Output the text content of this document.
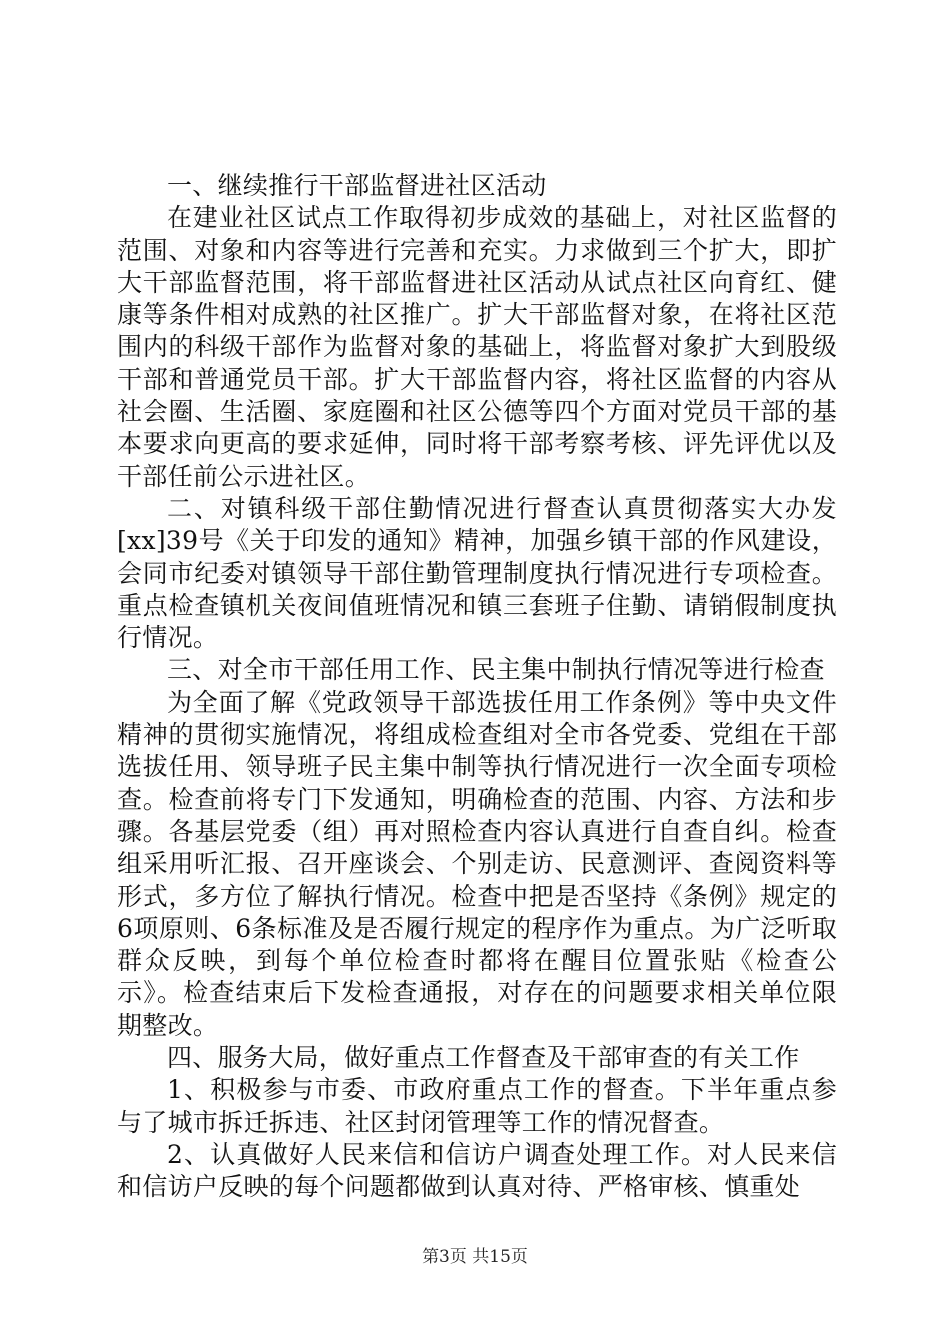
一、继续推行干部监督进社区活动

在建业社区试点工作取得初步成效的基础上，对社区监督的范围、对象和内容等进行完善和充实。力求做到三个扩大，即扩大干部监督范围，将干部监督进社区活动从试点社区向育红、健康等条件相对成熟的社区推广。扩大干部监督对象，在将社区范围内的科级干部作为监督对象的基础上，将监督对象扩大到股级干部和普通党员干部。扩大干部监督内容，将社区监督的内容从社会圈、生活圈、家庭圈和社区公德等四个方面对党员干部的基本要求向更高的要求延伸，同时将干部考察考核、评先评优以及干部任前公示进社区。

二、对镇科级干部住勤情况进行督查认真贯彻落实大办发[xx]39号《关于印发的通知》精神，加强乡镇干部的作风建设，会同市纪委对镇领导干部住勤管理制度执行情况进行专项检查。重点检查镇机关夜间值班情况和镇三套班子住勤、请销假制度执行情况。

三、对全市干部任用工作、民主集中制执行情况等进行检查

为全面了解《党政领导干部选拔任用工作条例》等中央文件精神的贯彻实施情况，将组成检查组对全市各党委、党组在干部选拔任用、领导班子民主集中制等执行情况进行一次全面专项检查。检查前将专门下发通知，明确检查的范围、内容、方法和步骤。各基层党委（组）再对照检查内容认真进行自查自纠。检查组采用听汇报、召开座谈会、个别走访、民意测评、查阅资料等形式，多方位了解执行情况。检查中把是否坚持《条例》规定的6项原则、6条标准及是否履行规定的程序作为重点。为广泛听取群众反映，到每个单位检查时都将在醒目位置张贴《检查公示》。检查结束后下发检查通报，对存在的问题要求相关单位限期整改。

四、服务大局，做好重点工作督查及干部审查的有关工作

1、积极参与市委、市政府重点工作的督查。下半年重点参与了城市拆迁拆违、社区封闭管理等工作的情况督查。

2、认真做好人民来信和信访户调查处理工作。对人民来信和信访户反映的每个问题都做到认真对待、严格审核、慎重处

第3页 共15页
